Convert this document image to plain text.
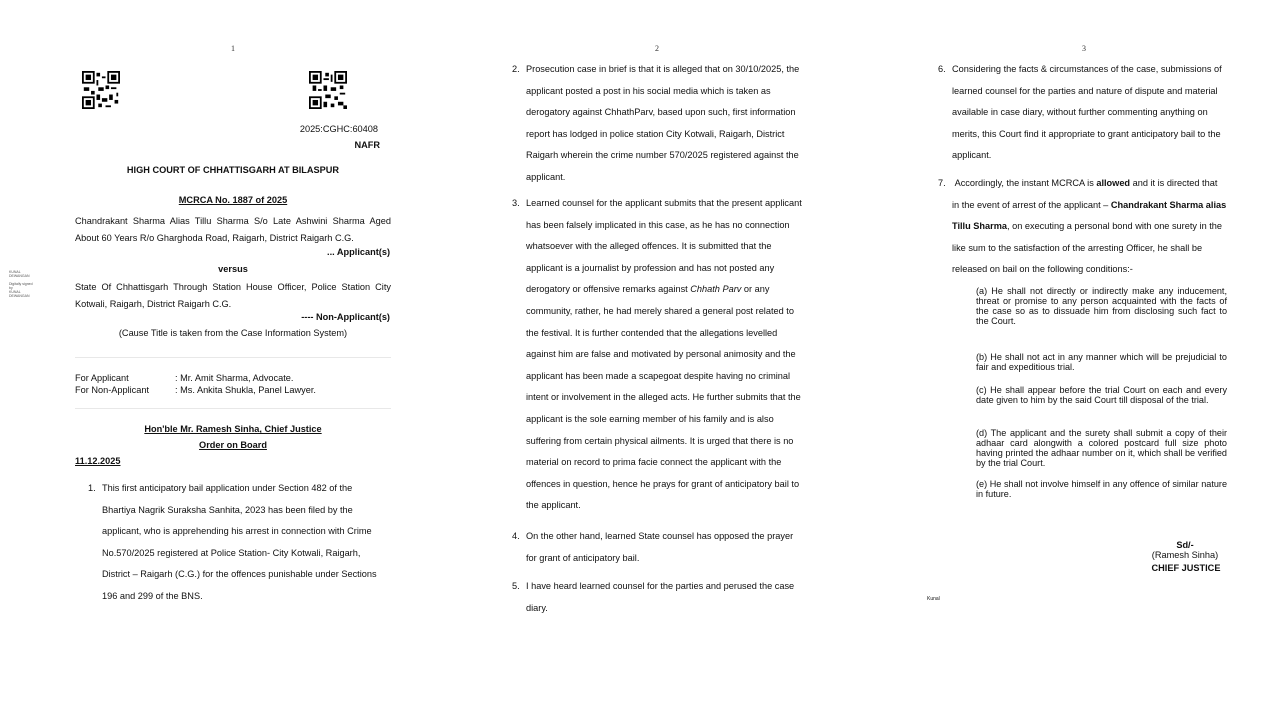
1
2025:CGHC:60408
NAFR
HIGH COURT OF CHHATTISGARH AT BILASPUR
MCRCA No. 1887 of 2025
Chandrakant Sharma Alias Tillu Sharma S/o Late Ashwini Sharma Aged About 60 Years R/o Gharghoda Road, Raigarh, District Raigarh C.G.
... Applicant(s)
versus
State Of Chhattisgarh Through Station House Officer, Police Station City Kotwali, Raigarh, District Raigarh C.G.
---- Non-Applicant(s)
(Cause Title is taken from the Case Information System)
For Applicant	: Mr. Amit Sharma, Advocate.
For Non-Applicant	: Ms. Ankita Shukla, Panel Lawyer.
Hon'ble Mr. Ramesh Sinha, Chief Justice
Order on Board
11.12.2025
1. This first anticipatory bail application under Section 482 of the
Bhartiya Nagrik Suraksha Sanhita, 2023 has been filed by the
applicant, who is apprehending his arrest in connection with Crime
No.570/2025 registered at Police Station- City Kotwali, Raigarh,
District – Raigarh (C.G.) for the offences punishable under Sections
196 and 299 of the BNS.
KUNAL
DEWANGAN
Digitally signed by
KUNAL
DEWANGAN
2
2. Prosecution case in brief is that it is alleged that on 30/10/2025, the
applicant posted a post in his social media which is taken as
derogatory against ChhathParv, based upon such, first information
report has lodged in police station City Kotwali, Raigarh, District
Raigarh wherein the crime number 570/2025 registered against the
applicant.
3. Learned counsel for the applicant submits that the present applicant
has been falsely implicated in this case, as he has no connection
whatsoever with the alleged offences. It is submitted that the
applicant is a journalist by profession and has not posted any
derogatory or offensive remarks against Chhath Parv or any
community, rather, he had merely shared a general post related to
the festival. It is further contended that the allegations levelled
against him are false and motivated by personal animosity and the
applicant has been made a scapegoat despite having no criminal
intent or involvement in the alleged acts. He further submits that the
applicant is the sole earning member of his family and is also
suffering from certain physical ailments. It is urged that there is no
material on record to prima facie connect the applicant with the
offences in question, hence he prays for grant of anticipatory bail to
the applicant.
4. On the other hand, learned State counsel has opposed the prayer
for grant of anticipatory bail.
5. I have heard learned counsel for the parties and perused the case
diary.
3
6. Considering the facts & circumstances of the case, submissions of
learned counsel for the parties and nature of dispute and material
available in case diary, without further commenting anything on
merits, this Court find it appropriate to grant anticipatory bail to the
applicant.
7. Accordingly, the instant MCRCA is allowed and it is directed that
in the event of arrest of the applicant – Chandrakant Sharma alias
Tillu Sharma, on executing a personal bond with one surety in the
like sum to the satisfaction of the arresting Officer, he shall be
released on bail on the following conditions:-
(a) He shall not directly or indirectly make any inducement, threat or promise to any person acquainted with the facts of the case so as to dissuade him from disclosing such fact to the Court.
(b) He shall not act in any manner which will be prejudicial to fair and expeditious trial.
(c) He shall appear before the trial Court on each and every date given to him by the said Court till disposal of the trial.
(d) The applicant and the surety shall submit a copy of their adhaar card alongwith a colored postcard full size photo having printed the adhaar number on it, which shall be verified by the trial Court.
(e) He shall not involve himself in any offence of similar nature in future.
Sd/-
(Ramesh Sinha)
CHIEF JUSTICE
Kunal
